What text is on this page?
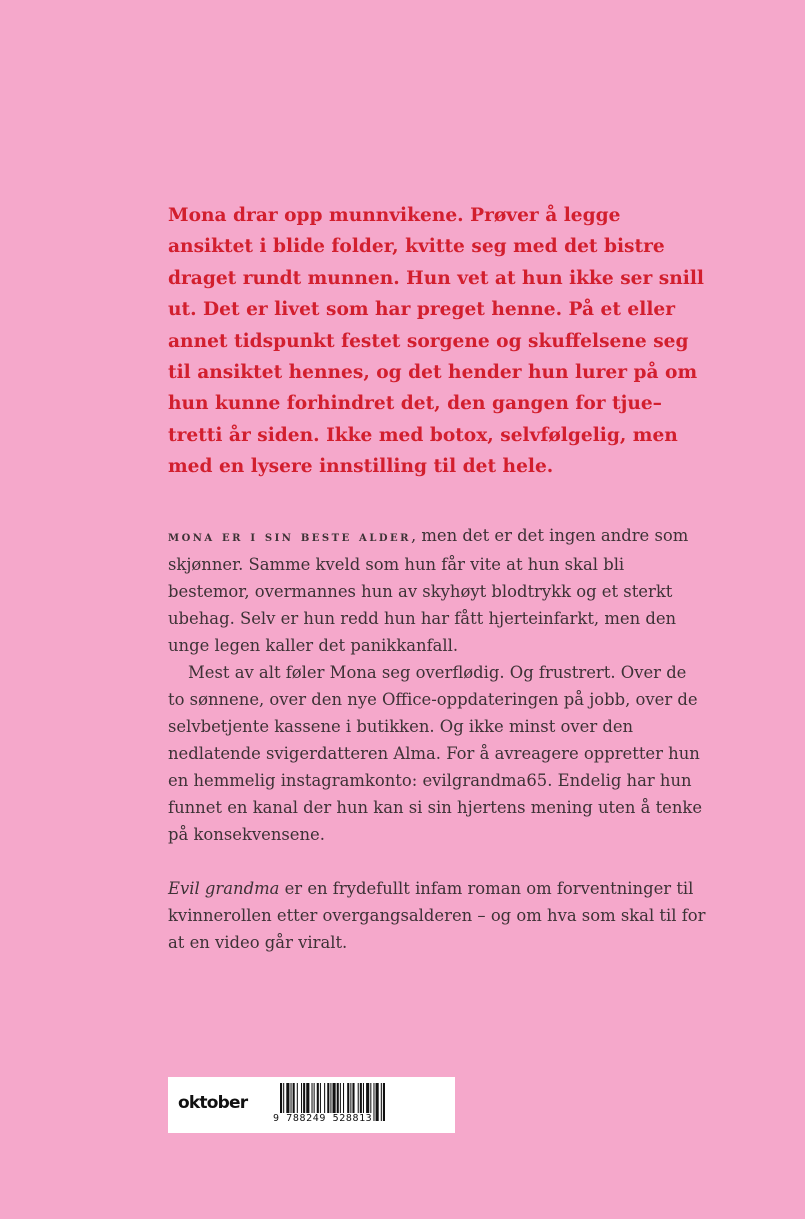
Mona drar opp munnvikene. Prøver å legge ansiktet i blide folder, kvitte seg med det bistre draget rundt munnen. Hun vet at hun ikke ser snill ut. Det er livet som har preget henne. På et eller annet tidspunkt festet sorgene og skuffelsene seg til ansiktet hennes, og det hender hun lurer på om hun kunne forhindret det, den gangen for tjue–tretti år siden. Ikke med botox, selvfølgelig, men med en lysere innstilling til det hele.

mona er i sin beste alder, men det er det ingen andre som skjønner. Samme kveld som hun får vite at hun skal bli bestemor, overmannes hun av skyhøyt blodtrykk og et sterkt ubehag. Selv er hun redd hun har fått hjerteinfarkt, men den unge legen kaller det panikkanfall.

Mest av alt føler Mona seg overflødig. Og frustrert. Over de to sønnene, over den nye Office-oppdateringen på jobb, over de selvbetjente kassene i butikken. Og ikke minst over den nedlatende svigerdatteren Alma. For å avreagere oppretter hun en hemmelig instagramkonto: evilgrandma65. Endelig har hun funnet en kanal der hun kan si sin hjertens mening uten å tenke på konsekvensene.

Evil grandma er en frydefullt infam roman om forventninger til kvinnerollen etter overgangsalderen – og om hva som skal til for at en video går viralt.

oktober
9 788249 528813
